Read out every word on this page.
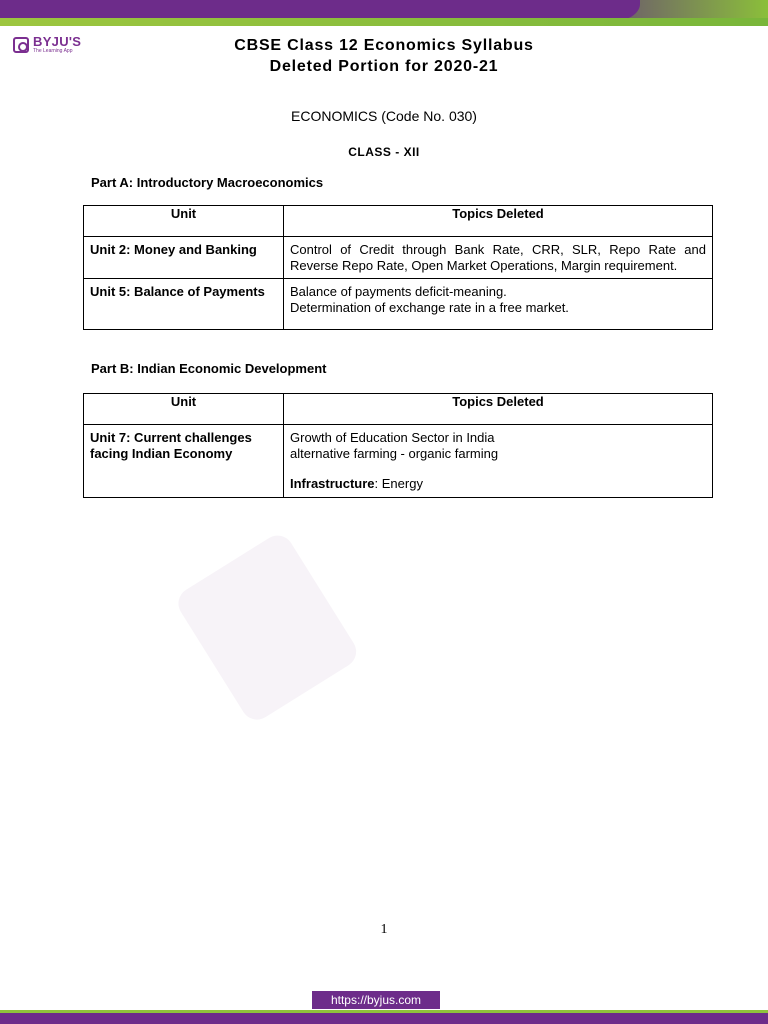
BYJU'S
The Learning App	CBSE Class 12 Economics Syllabus
Deleted Portion for 2020-21
ECONOMICS (Code No. 030)
CLASS - XII
Part A: Introductory Macroeconomics
Unit	Topics Deleted
Unit 2: Money and Banking	Control of Credit through Bank Rate, CRR, SLR, Repo Rate and Reverse Repo Rate, Open Market Operations, Margin requirement.
Unit 5: Balance of Payments	Balance of payments deficit-meaning.
Determination of exchange rate in a free market.
Part B: Indian Economic Development
Unit	Topics Deleted
Unit 7: Current challenges facing Indian Economy	Growth of Education Sector in India
alternative farming - organic farming
Infrastructure: Energy
1
https://byjus.com
